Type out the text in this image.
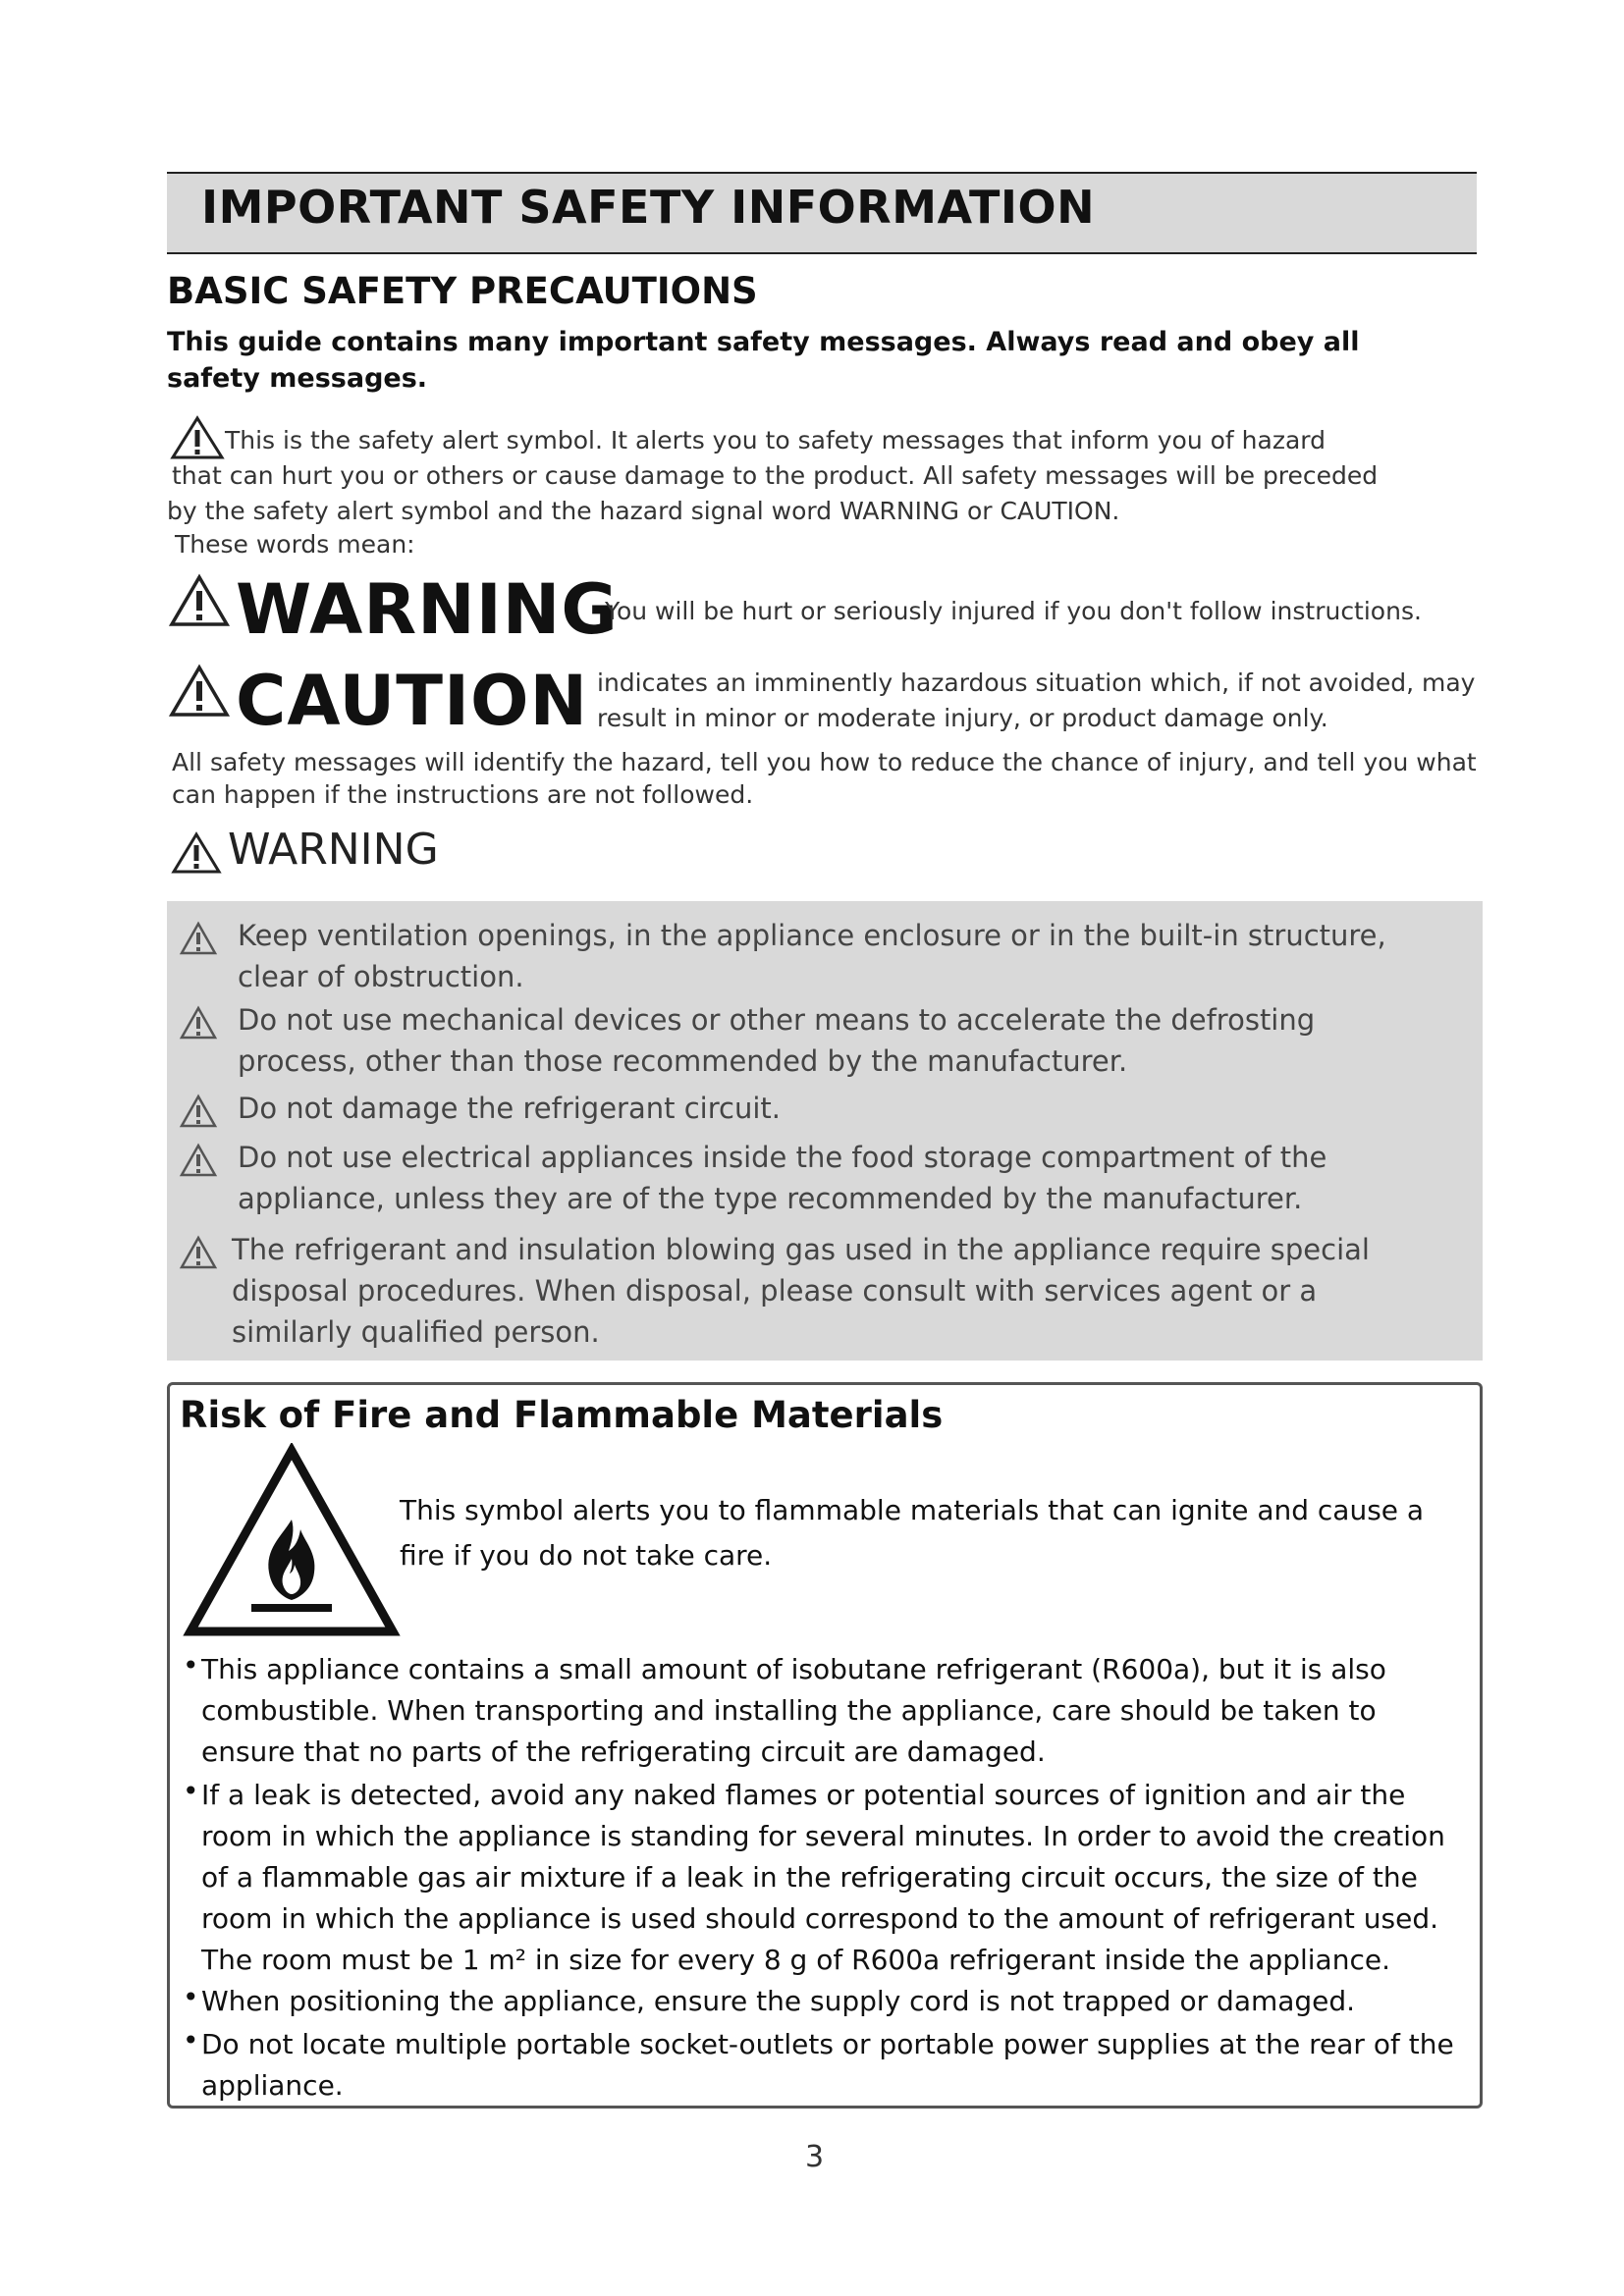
IMPORTANT SAFETY INFORMATION
BASIC SAFETY PRECAUTIONS
This guide contains many important safety messages. Always read and obey all safety messages.
This is the safety alert symbol. It alerts you to safety messages that inform you of hazard
that can hurt you or others or cause damage to the product. All safety messages will be preceded
by the safety alert symbol and the hazard signal word WARNING or CAUTION.
These words mean:
WARNING
You will be hurt or seriously injured if you don't follow instructions.
CAUTION indicates an imminently hazardous situation which, if not avoided, may result in minor or moderate injury, or product damage only.
All safety messages will identify the hazard, tell you how to reduce the chance of injury, and tell you what can happen if the instructions are not followed.
WARNING
Keep ventilation openings, in the appliance enclosure or in the built-in structure, clear of obstruction.
Do not use mechanical devices or other means to accelerate the defrosting process, other than those recommended by the manufacturer.
Do not damage the refrigerant circuit.
Do not use electrical appliances inside the food storage compartment of the appliance, unless they are of the type recommended by the manufacturer.
The refrigerant and insulation blowing gas used in the appliance require special disposal procedures. When disposal, please consult with services agent or a similarly qualified person.
Risk of Fire and Flammable Materials
This symbol alerts you to flammable materials that can ignite and cause a fire if you do not take care.
• This appliance contains a small amount of isobutane refrigerant (R600a), but it is also combustible. When transporting and installing the appliance, care should be taken to ensure that no parts of the refrigerating circuit are damaged.
• If a leak is detected, avoid any naked flames or potential sources of ignition and air the room in which the appliance is standing for several minutes. In order to avoid the creation of a flammable gas air mixture if a leak in the refrigerating circuit occurs, the size of the room in which the appliance is used should correspond to the amount of refrigerant used. The room must be 1 m² in size for every 8 g of R600a refrigerant inside the appliance.
• When positioning the appliance, ensure the supply cord is not trapped or damaged.
• Do not locate multiple portable socket-outlets or portable power supplies at the rear of the appliance.
3
